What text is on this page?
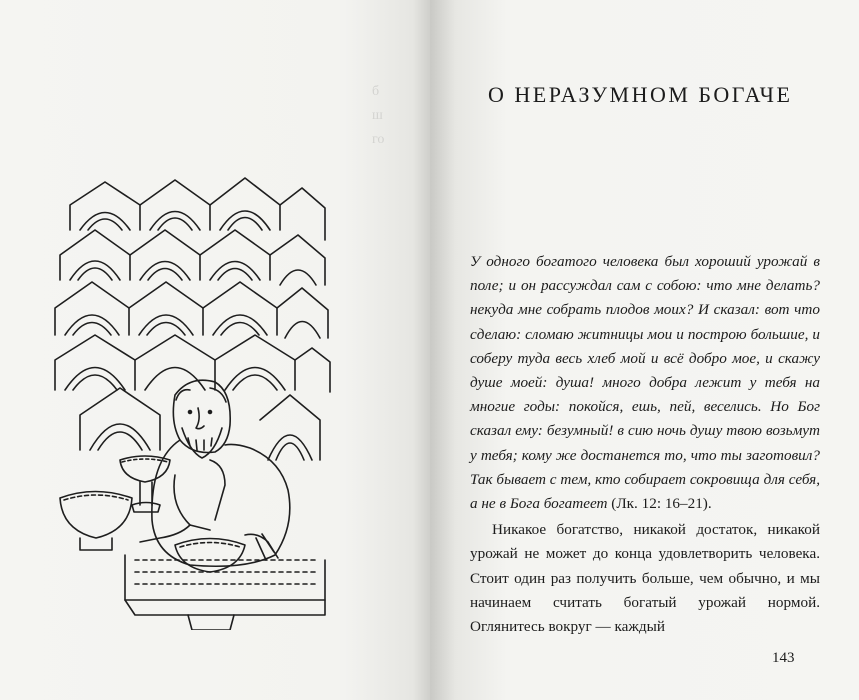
б
ш
го
О НЕРАЗУМНОМ БОГАЧЕ

У одного богатого человека был хороший урожай в поле; и он рассуждал сам с собою: что мне делать? некуда мне собрать плодов моих? И сказал: вот что сделаю: сломаю житницы мои и построю большие, и соберу туда весь хлеб мой и всё добро мое, и скажу душе моей: душа! много добра лежит у тебя на многие годы: покойся, ешь, пей, веселись. Но Бог сказал ему: безумный! в сию ночь душу твою возьмут у тебя; кому же достанется то, что ты заготовил? Так бывает с тем, кто собирает сокровища для себя, а не в Бога богатеет (Лк. 12: 16–21).

Никакое богатство, никакой достаток, никакой урожай не может до конца удовлетворить человека. Стоит один раз получить больше, чем обычно, и мы начинаем считать богатый урожай нормой. Оглянитесь вокруг — каждый

143
